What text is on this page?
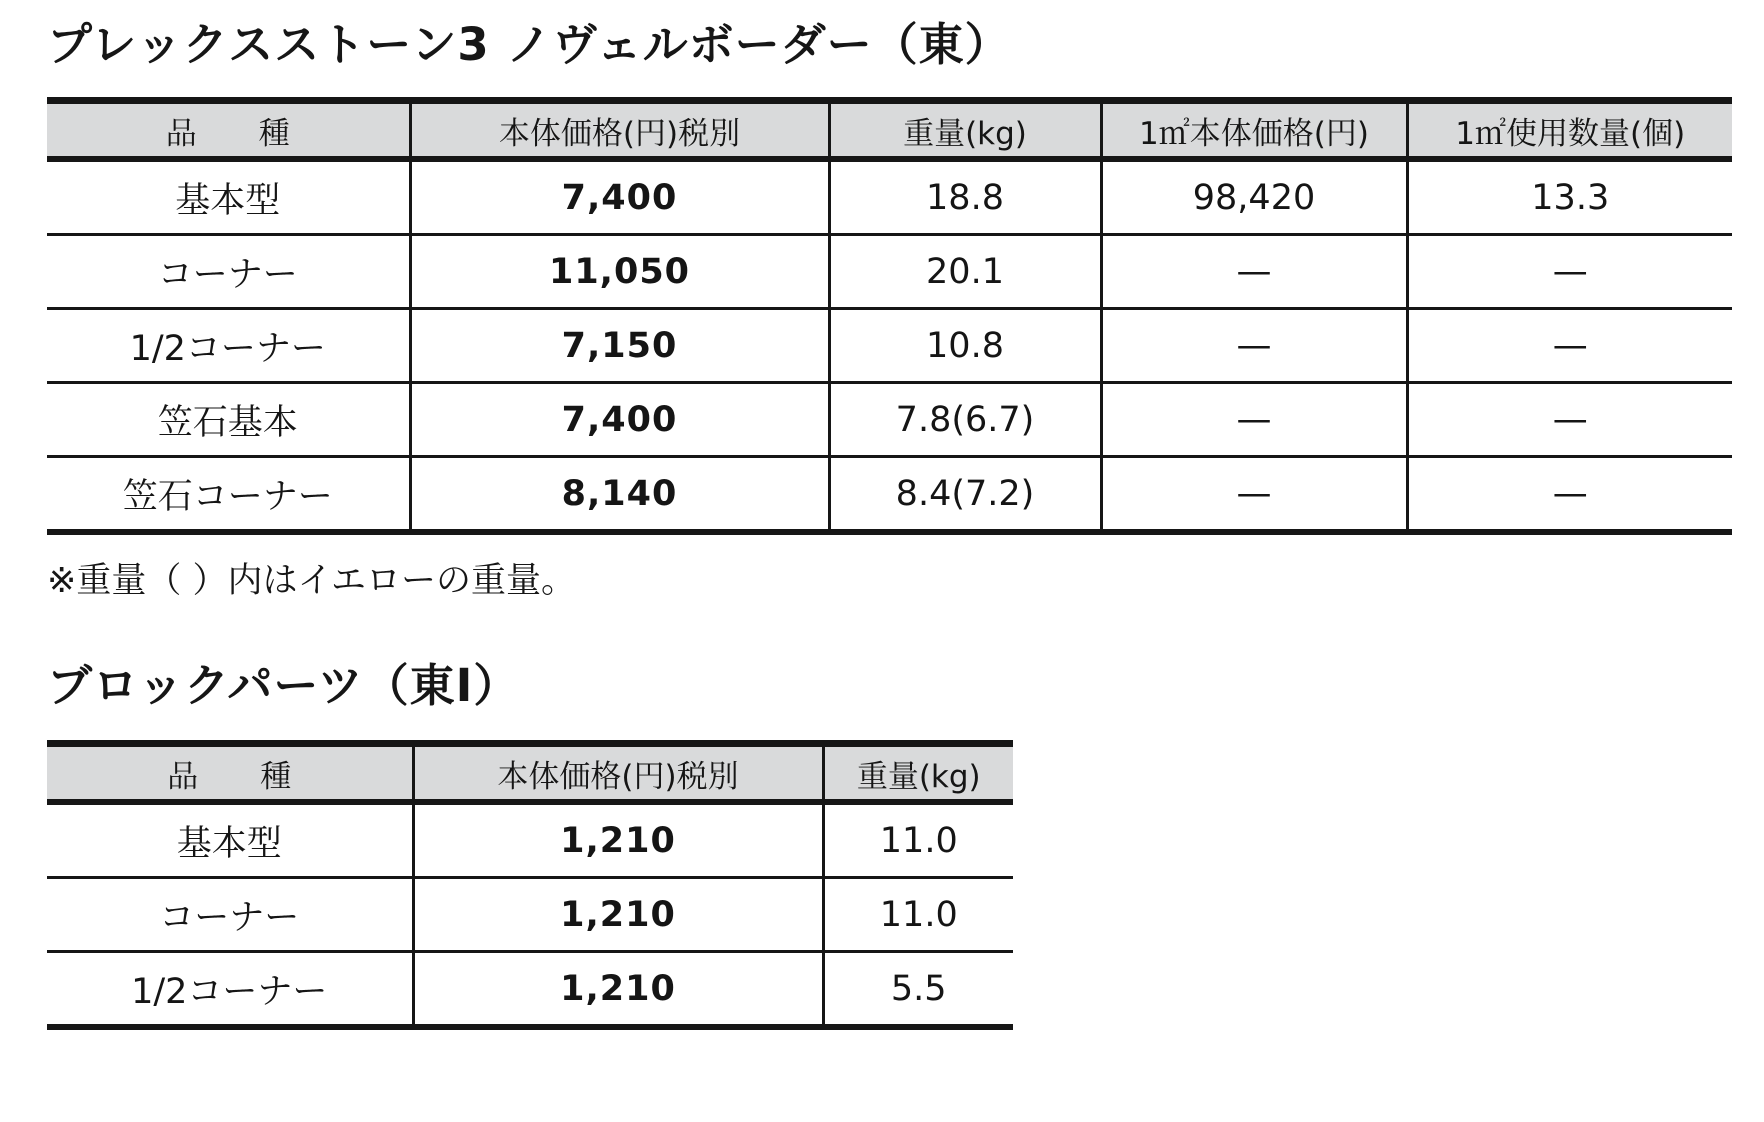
プレックスストーン3 ノヴェルボーダー（東）
品　　種	本体価格(円)税別	重量(kg)	1㎡本体価格(円)	1㎡使用数量(個)
基本型	7,400	18.8	98,420	13.3
コーナー	11,050	20.1	—	—
1/2コーナー	7,150	10.8	—	—
笠石基本	7,400	7.8(6.7)	—	—
笠石コーナー	8,140	8.4(7.2)	—	—

※重量（ ）内はイエローの重量。

ブロックパーツ（東Ⅰ）
品　　種	本体価格(円)税別	重量(kg)
基本型	1,210	11.0
コーナー	1,210	11.0
1/2コーナー	1,210	5.5
